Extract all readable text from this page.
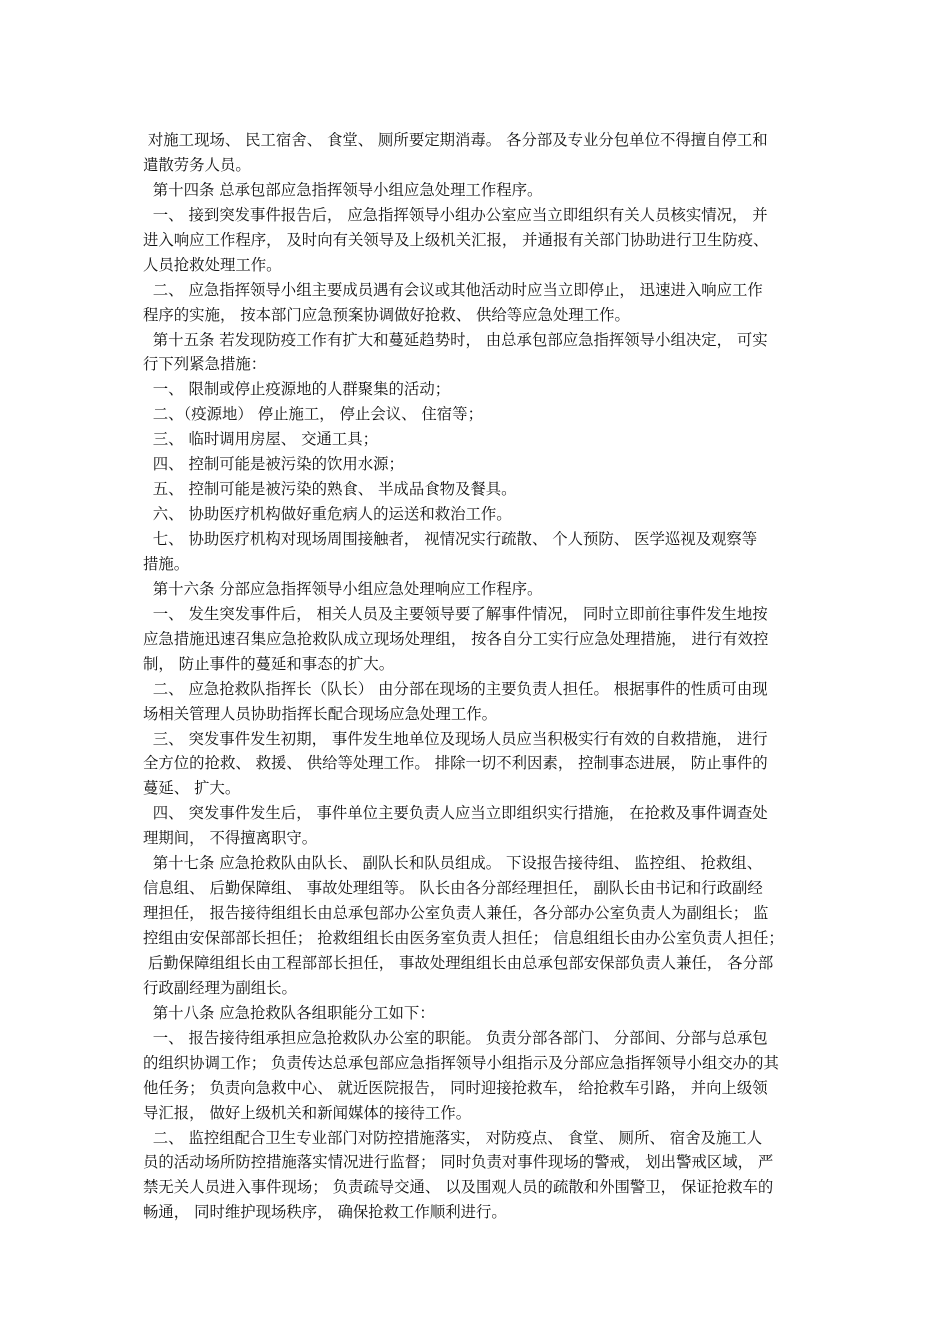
对施工现场、 民工宿舍、 食堂、 厕所要定期消毒。 各分部及专业分包单位不得擅自停工和
遣散劳务人员。
第十四条 总承包部应急指挥领导小组应急处理工作程序。
一、 接到突发事件报告后， 应急指挥领导小组办公室应当立即组织有关人员核实情况， 并
进入响应工作程序， 及时向有关领导及上级机关汇报， 并通报有关部门协助进行卫生防疫、
人员抢救处理工作。
二、 应急指挥领导小组主要成员遇有会议或其他活动时应当立即停止， 迅速进入响应工作
程序的实施， 按本部门应急预案协调做好抢救、 供给等应急处理工作。
第十五条 若发现防疫工作有扩大和蔓延趋势时， 由总承包部应急指挥领导小组决定， 可实
行下列紧急措施：
一、 限制或停止疫源地的人群聚集的活动；
二、（疫源地） 停止施工， 停止会议、 住宿等；
三、 临时调用房屋、 交通工具；
四、 控制可能是被污染的饮用水源；
五、 控制可能是被污染的熟食、 半成品食物及餐具。
六、 协助医疗机构做好重危病人的运送和救治工作。
七、 协助医疗机构对现场周围接触者， 视情况实行疏散、 个人预防、 医学巡视及观察等
措施。
第十六条 分部应急指挥领导小组应急处理响应工作程序。
一、 发生突发事件后， 相关人员及主要领导要了解事件情况， 同时立即前往事件发生地按
应急措施迅速召集应急抢救队成立现场处理组， 按各自分工实行应急处理措施， 进行有效控
制， 防止事件的蔓延和事态的扩大。
二、 应急抢救队指挥长（队长） 由分部在现场的主要负责人担任。 根据事件的性质可由现
场相关管理人员协助指挥长配合现场应急处理工作。
三、 突发事件发生初期， 事件发生地单位及现场人员应当积极实行有效的自救措施， 进行
全方位的抢救、 救援、 供给等处理工作。 排除一切不利因素， 控制事态进展， 防止事件的
蔓延、 扩大。
四、 突发事件发生后， 事件单位主要负责人应当立即组织实行措施， 在抢救及事件调查处
理期间， 不得擅离职守。
第十七条 应急抢救队由队长、 副队长和队员组成。 下设报告接待组、 监控组、 抢救组、
信息组、 后勤保障组、 事故处理组等。 队长由各分部经理担任， 副队长由书记和行政副经
理担任， 报告接待组组长由总承包部办公室负责人兼任，各分部办公室负责人为副组长； 监
控组由安保部部长担任； 抢救组组长由医务室负责人担任； 信息组组长由办公室负责人担任；
后勤保障组组长由工程部部长担任， 事故处理组组长由总承包部安保部负责人兼任， 各分部
行政副经理为副组长。
第十八条 应急抢救队各组职能分工如下：
一、 报告接待组承担应急抢救队办公室的职能。 负责分部各部门、 分部间、分部与总承包
的组织协调工作； 负责传达总承包部应急指挥领导小组指示及分部应急指挥领导小组交办的其
他任务； 负责向急救中心、 就近医院报告， 同时迎接抢救车， 给抢救车引路， 并向上级领
导汇报， 做好上级机关和新闻媒体的接待工作。
二、 监控组配合卫生专业部门对防控措施落实， 对防疫点、 食堂、 厕所、 宿舍及施工人
员的活动场所防控措施落实情况进行监督； 同时负责对事件现场的警戒， 划出警戒区域， 严
禁无关人员进入事件现场； 负责疏导交通、 以及围观人员的疏散和外围警卫， 保证抢救车的
畅通， 同时维护现场秩序， 确保抢救工作顺利进行。
